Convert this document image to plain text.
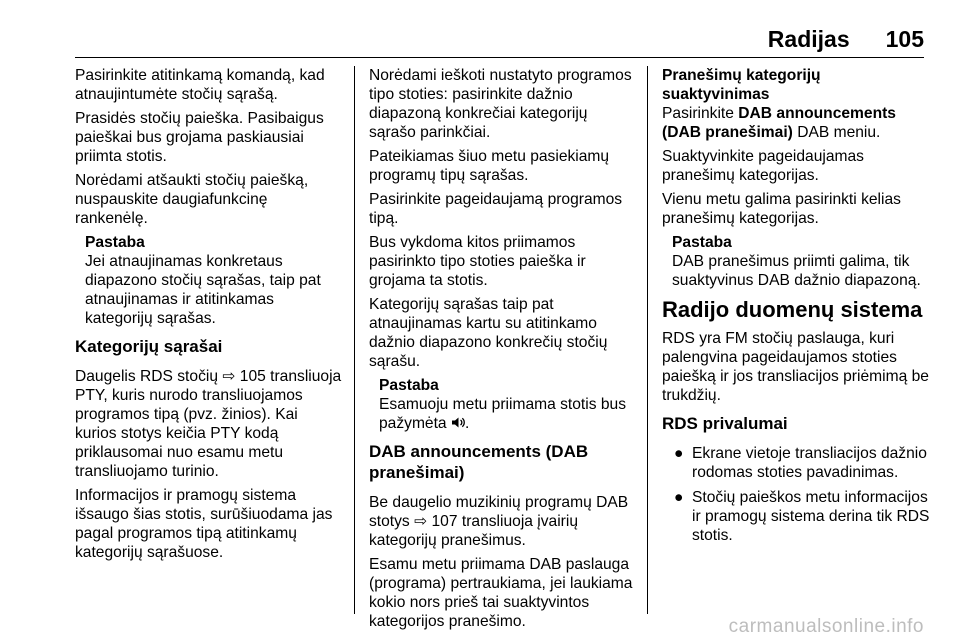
Radijas 105

Pasirinkite atitinkamą komandą, kad atnaujintumėte stočių sąrašą.

Prasidės stočių paieška. Pasibaigus paieškai bus grojama paskiausiai priimta stotis.

Norėdami atšaukti stočių paiešką, nuspauskite daugiafunkcinę rankenėlę.

Pastaba
Jei atnaujinamas konkretaus diapazono stočių sąrašas, taip pat atnaujinamas ir atitinkamas kategorijų sąrašas.
Kategorijų sąrašai

Daugelis RDS stočių ⇨ 105 transliuoja PTY, kuris nurodo transliuojamos programos tipą (pvz. žinios). Kai kurios stotys keičia PTY kodą priklausomai nuo esamu metu transliuojamo turinio.

Informacijos ir pramogų sistema išsaugo šias stotis, surūšiuodama jas pagal programos tipą atitinkamų kategorijų sąrašuose.

Norėdami ieškoti nustatyto programos tipo stoties: pasirinkite dažnio diapazoną konkrečiai kategorijų sąrašo parinkčiai.

Pateikiamas šiuo metu pasiekiamų programų tipų sąrašas.

Pasirinkite pageidaujamą programos tipą.

Bus vykdoma kitos priimamos pasirinkto tipo stoties paieška ir grojama ta stotis.

Kategorijų sąrašas taip pat atnaujinamas kartu su atitinkamo dažnio diapazono konkrečių stočių sąrašu.

Pastaba
Esamuoju metu priimama stotis bus pažymėta .
DAB announcements (DAB pranešimai)

Be daugelio muzikinių programų DAB stotys ⇨ 107 transliuoja įvairių kategorijų pranešimus.

Esamu metu priimama DAB paslauga (programa) pertraukiama, jei laukiama kokio nors prieš tai suaktyvintos kategorijos pranešimo.

Pranešimų kategorijų suaktyvinimas

Pasirinkite DAB announcements (DAB pranešimai) DAB meniu.

Suaktyvinkite pageidaujamas pranešimų kategorijas.

Vienu metu galima pasirinkti kelias pranešimų kategorijas.

Pastaba
DAB pranešimus priimti galima, tik suaktyvinus DAB dažnio diapazoną.
Radijo duomenų sistema

RDS yra FM stočių paslauga, kuri palengvina pageidaujamos stoties paiešką ir jos transliacijos priėmimą be trukdžių.

RDS privalumai
● Ekrane vietoje transliacijos dažnio rodomas stoties pavadinimas.
● Stočių paieškos metu informacijos ir pramogų sistema derina tik RDS stotis.
carmanualsonline.info
